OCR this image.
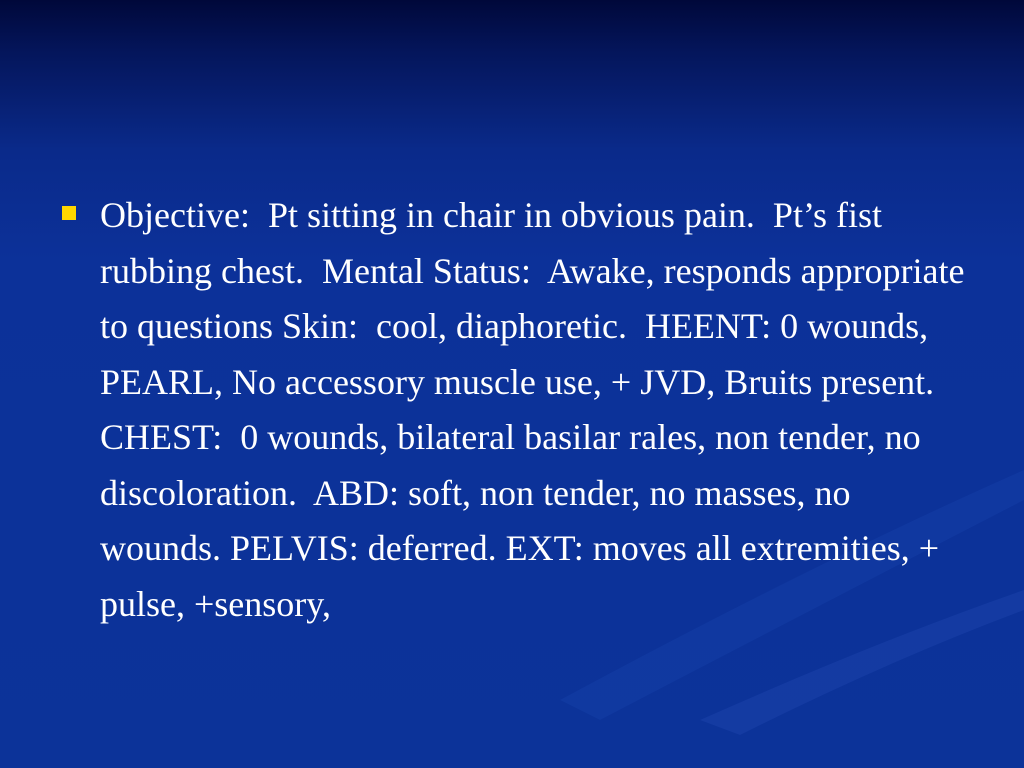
Objective:  Pt sitting in chair in obvious pain.  Pt’s fist rubbing chest.  Mental Status:  Awake, responds appropriate to questions Skin:  cool, diaphoretic.  HEENT: 0 wounds, PEARL, No accessory muscle use, + JVD, Bruits present. CHEST:  0 wounds, bilateral basilar rales, non tender, no discoloration.  ABD: soft, non tender, no masses, no wounds. PELVIS: deferred. EXT: moves all extremities, + pulse, +sensory,
